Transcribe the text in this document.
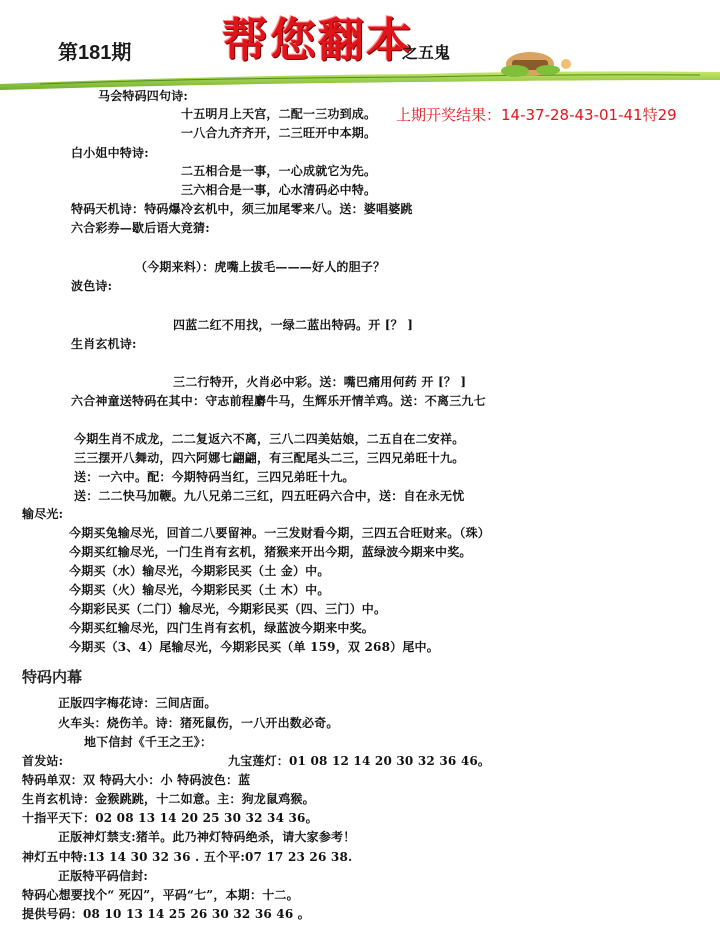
第181期 帮您翻本
之五鬼
上期开奖结果：14-37-28-43-01-41特29
马会特码四句诗:
十五明月上天宫，二配一三功到成。
一八合九齐齐开，二三旺开中本期。
白小姐中特诗:
二五相合是一事，一心成就它为先。
三六相合是一事，心水清码必中特。
特码天机诗：特码爆冷玄机中，须三加尾零来八。送：婆唱婆跳
六合彩券—歇后语大竞猜:
（今期来料）：虎嘴上拔毛———好人的胆子？
波色诗:
四蓝二红不用找，一绿二蓝出特码。开 [？ ]
生肖玄机诗:
三二行特开，火肖必中彩。送：嘴巴痛用何药 开 [？ ]
六合神童送特码在其中：守志前程麝牛马，生辉乐开情羊鸡。送：不离三九七
今期生肖不成龙，二二复返六不离，三八二四美姑娘，二五自在二安祥。
三三摆开八舞动，四六阿娜七翩翩，有三配尾头二三，三四兄弟旺十九。
送：一六中。配：今期特码当红，三四兄弟旺十九。
送：二二快马加鞭。九八兄弟二三红，四五旺码六合中，送：自在永无忧
输尽光:
今期买兔输尽光，回首二八要留神。一三发财看今期，三四五合旺财来。（珠）
今期买红输尽光，一门生肖有玄机，猪猴来开出今期，蓝绿波今期来中奖。
今期买（水）输尽光，今期彩民买（土 金）中。
今期买（火）输尽光，今期彩民买（土 木）中。
今期彩民买（二门）输尽光，今期彩民买（四、三门）中。
今期买红输尽光，四门生肖有玄机，绿蓝波今期来中奖。
今期买（3、4）尾输尽光，今期彩民买（单 159，双 268）尾中。
特码内幕
正版四字梅花诗：三间店面。
火车头：烧伤羊。诗：猪死鼠伤，一八开出数必奇。
地下信封《千王之王》：
首发站:	九宝莲灯：01 08 12 14 20 30 32 36 46。
特码单双：双 特码大小：小 特码波色：蓝
生肖玄机诗：金猴跳跳，十二如意。主：狗龙鼠鸡猴。
十指平天下：02 08 13 14 20 25 30 32 34 36。
正版神灯禁支:猪羊。此乃神灯特码绝杀，请大家参考！
神灯五中特:13 14 30 32 36 . 五个平:07 17 23 26 38.
正版特平码信封:
特码心想要找个“ 死囚”，平码“七”，本期：十二。
提供号码：08 10 13 14 25 26 30 32 36 46 。
